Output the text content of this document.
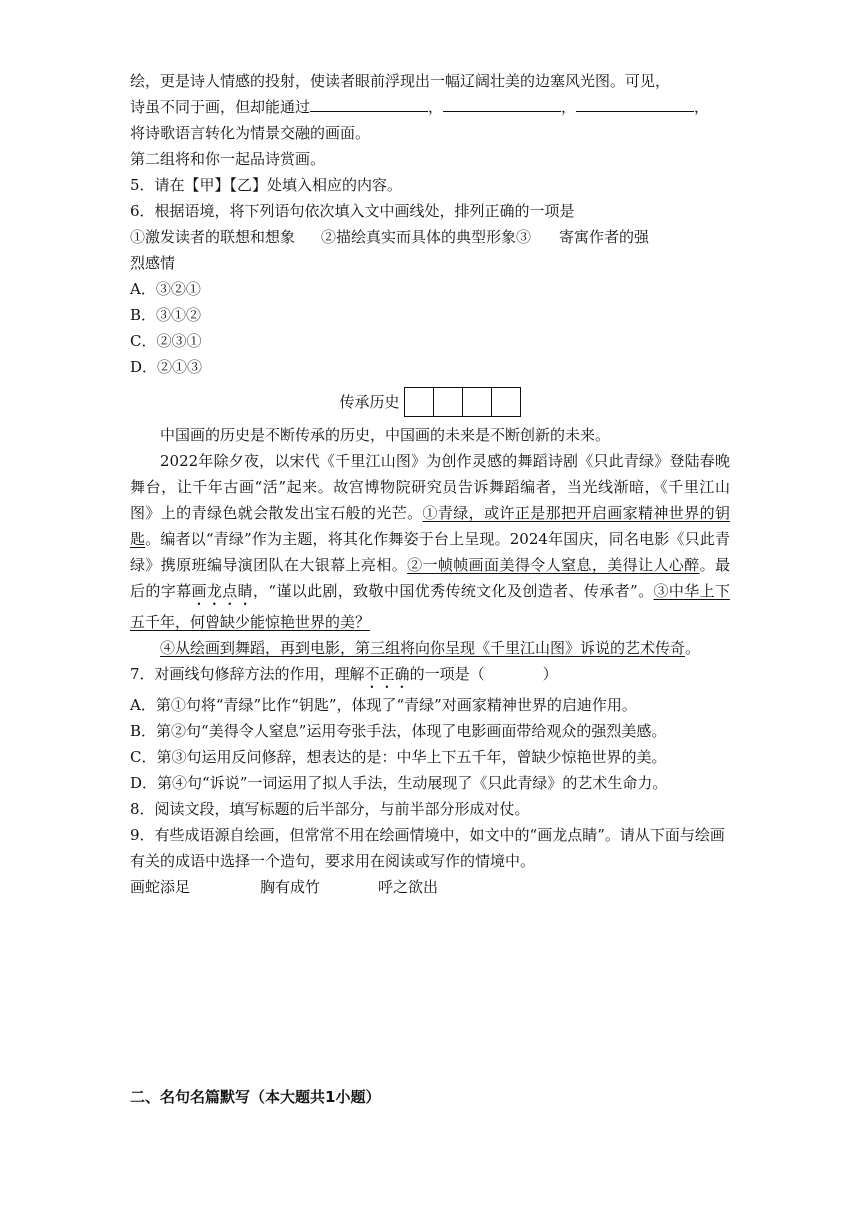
绘，更是诗人情感的投射，使读者眼前浮现出一幅辽阔壮美的边塞风光图。可见，
诗虽不同于画，但却能通过	，	，	，
将诗歌语言转化为情景交融的画面。
第二组将和你一起品诗赏画。
5．请在【甲】【乙】处填入相应的内容。
6．根据语境，将下列语句依次填入文中画线处，排列正确的一项是
①激发读者的联想和想象 ②描绘真实而具体的典型形象③ 寄寓作者的强
烈感情
A．③②①
B．③①②
C．②③①
D．②①③
传承历史
中国画的历史是不断传承的历史，中国画的未来是不断创新的未来。
2022年除夕夜，以宋代《千里江山图》为创作灵感的舞蹈诗剧《只此青绿》登陆春晚舞台，让千年古画“活”起来。故宫博物院研究员告诉舞蹈编者，当光线渐暗，《千里江山图》上的青绿色就会散发出宝石般的光芒。①青绿，或许正是那把开启画家精神世界的钥匙。编者以“青绿”作为主题，将其化作舞姿于台上呈现。2024年国庆，同名电影《只此青绿》携原班编导演团队在大银幕上亮相。②一帧帧画面美得令人窒息，美得让人心醉。最后的字幕画龙点睛，“谨以此剧，致敬中国优秀传统文化及创造者、传承者”。③中华上下五千年，何曾缺少能惊艳世界的美？
④从绘画到舞蹈，再到电影，第三组将向你呈现《千里江山图》诉说的艺术传奇。
7．对画线句修辞方法的作用，理解不正确的一项是（	）
A．第①句将“青绿”比作“钥匙”，体现了“青绿”对画家精神世界的启迪作用。
B．第②句“美得令人窒息”运用夸张手法，体现了电影画面带给观众的强烈美感。
C．第③句运用反问修辞，想表达的是：中华上下五千年，曾缺少惊艳世界的美。
D．第④句“诉说”一词运用了拟人手法，生动展现了《只此青绿》的艺术生命力。
8．阅读文段，填写标题的后半部分，与前半部分形成对仗。
9．有些成语源自绘画，但常常不用在绘画情境中，如文中的“画龙点睛”。请从下面与绘画有关的成语中选择一个造句，要求用在阅读或写作的情境中。
画蛇添足	胸有成竹	呼之欲出
二、名句名篇默写（本大题共1小题）
